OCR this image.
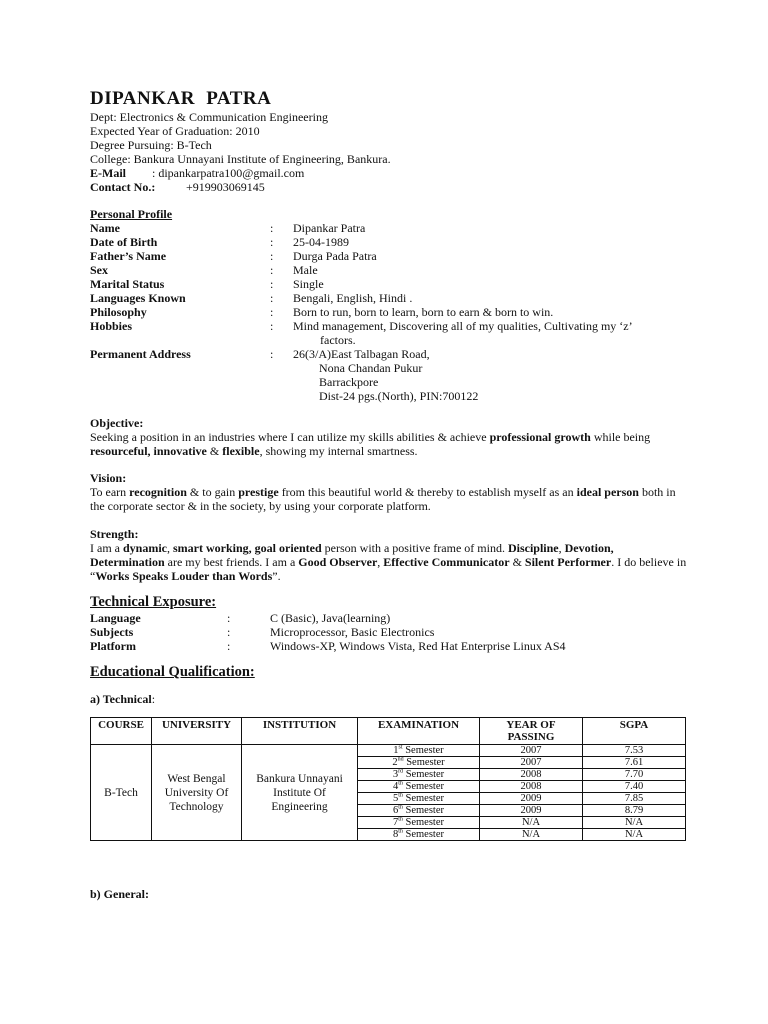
DIPANKAR PATRA
Dept: Electronics & Communication Engineering
Expected Year of Graduation: 2010
Degree Pursuing: B-Tech
College: Bankura Unnayani Institute of Engineering, Bankura.
E-Mail : dipankarpatra100@gmail.com
Contact No.:	+919903069145
Personal Profile
Name	: Dipankar Patra
Date of Birth	: 25-04-1989
Father’s Name	: Durga Pada Patra
Sex	: Male
Marital Status	: Single
Languages Known	: Bengali, English, Hindi .
Philosophy	: Born to run, born to learn, born to earn & born to win.
Hobbies	: Mind management, Discovering all of my qualities, Cultivating my ‘z’
factors.
Permanent Address	: 26(3/A)East Talbagan Road,
Nona Chandan Pukur
Barrackpore
Dist-24 pgs.(North), PIN:700122
Objective:
Seeking a position in an industries where I can utilize my skills abilities & achieve professional growth while being resourceful, innovative & flexible, showing my internal smartness.
Vision:
To earn recognition & to gain prestige from this beautiful world & thereby to establish myself as an ideal person both in the corporate sector & in the society, by using your corporate platform.
Strength:
I am a dynamic, smart working, goal oriented person with a positive frame of mind. Discipline, Devotion, Determination are my best friends. I am a Good Observer, Effective Communicator & Silent Performer. I do believe in “Works Speaks Louder than Words”.
Technical Exposure:
Language	:	C (Basic), Java(learning)
Subjects	:	Microprocessor, Basic Electronics
Platform	:	Windows-XP, Windows Vista, Red Hat Enterprise Linux AS4
Educational Qualification:
a) Technical:
COURSE	UNIVERSITY	INSTITUTION	EXAMINATION	YEAR OF PASSING	SGPA
B-Tech	West Bengal University Of Technology	Bankura Unnayani Institute Of Engineering	1st Semester	2007	7.53
			2nd Semester	2007	7.61
			3rd Semester	2008	7.70
			4th Semester	2008	7.40
			5th Semester	2009	7.85
			6th Semester	2009	8.79
			7th Semester	N/A	N/A
			8th Semester	N/A	N/A
b) General:
